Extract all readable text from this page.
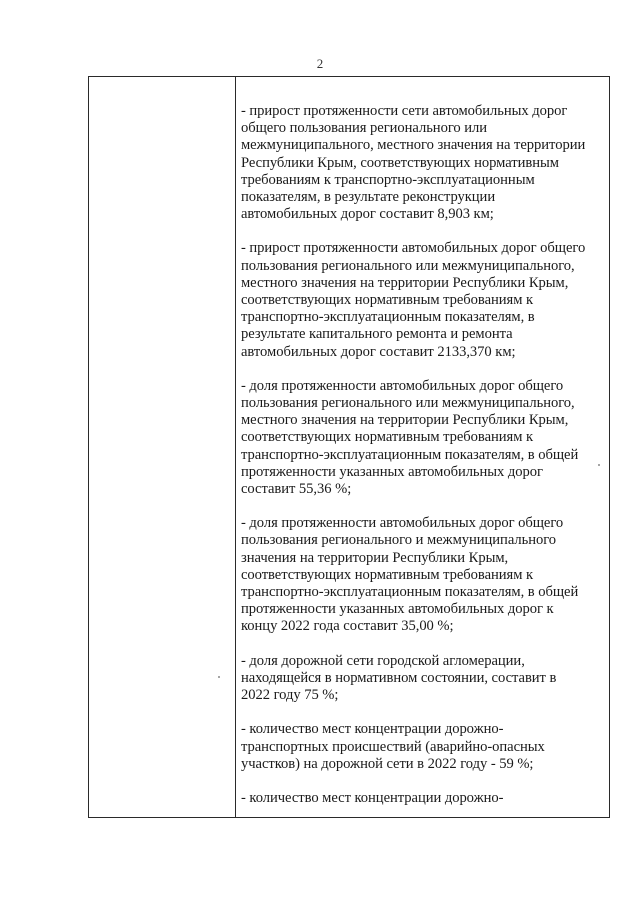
2

- прирост протяженности сети автомобильных дорог
общего пользования регионального или
межмуниципального, местного значения на территории
Республики Крым, соответствующих нормативным
требованиям к транспортно-эксплуатационным
показателям, в результате реконструкции
автомобильных дорог составит 8,903 км;

- прирост протяженности автомобильных дорог общего
пользования регионального или межмуниципального,
местного значения на территории Республики Крым,
соответствующих нормативным требованиям к
транспортно-эксплуатационным показателям, в
результате капитального ремонта и ремонта
автомобильных дорог составит 2133,370 км;

- доля протяженности автомобильных дорог общего
пользования регионального или межмуниципального,
местного значения на территории Республики Крым,
соответствующих нормативным требованиям к
транспортно-эксплуатационным показателям, в общей
протяженности указанных автомобильных дорог
составит 55,36 %;

- доля протяженности автомобильных дорог общего
пользования регионального и межмуниципального
значения на территории Республики Крым,
соответствующих нормативным требованиям к
транспортно-эксплуатационным показателям, в общей
протяженности указанных автомобильных дорог к
концу 2022 года составит 35,00 %;

- доля дорожной сети городской агломерации,
находящейся в нормативном состоянии, составит в
2022 году 75 %;

- количество мест концентрации дорожно-
транспортных происшествий (аварийно-опасных
участков) на дорожной сети в 2022 году - 59 %;

- количество мест концентрации дорожно-
